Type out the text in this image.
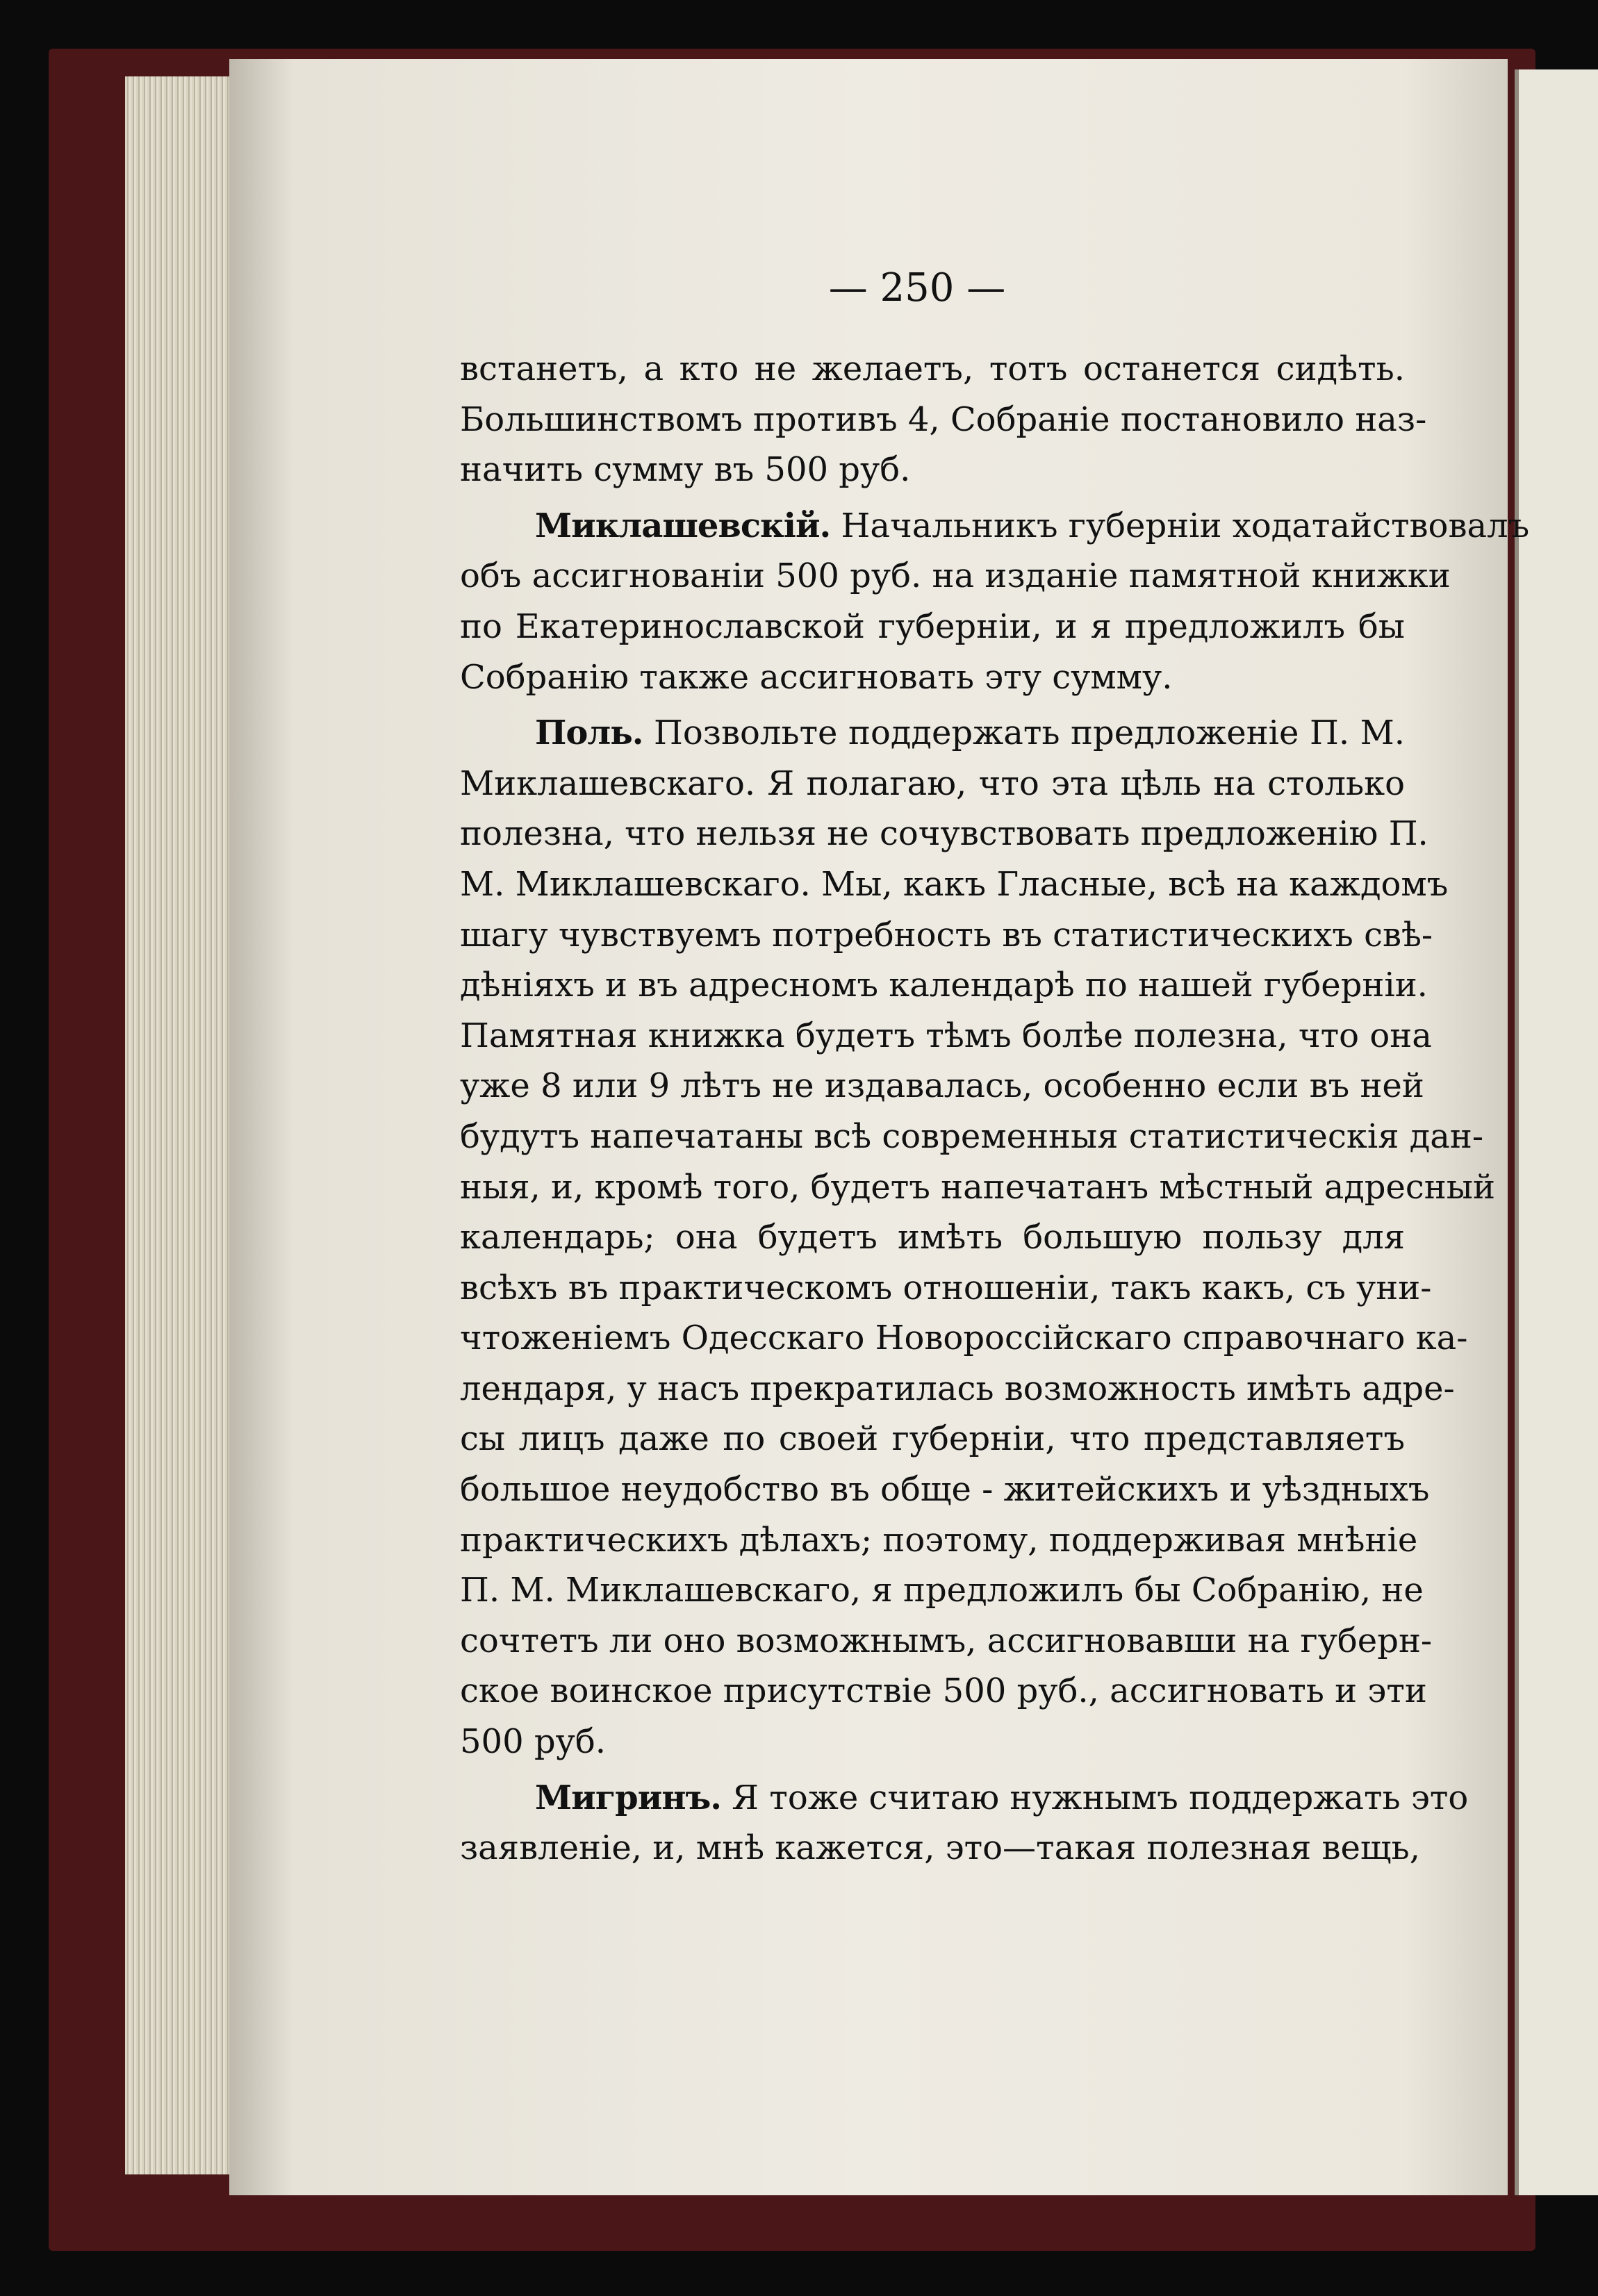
— 250 —
встанетъ, а кто не желаетъ, тотъ останется сидѣть.
Большинствомъ противъ 4, Собраніе постановило наз-
начить сумму въ 500 руб.
Миклашевскій. Начальникъ губерніи ходатайствовалъ
объ ассигнованіи 500 руб. на изданіе памятной книжки
по Екатеринославской губерніи, и я предложилъ бы
Собранію также ассигновать эту сумму.
Поль. Позвольте поддержать предложеніе П. М.
Миклашевскаго. Я полагаю, что эта цѣль на столько
полезна, что нельзя не сочувствовать предложенію П.
М. Миклашевскаго. Мы, какъ Гласные, всѣ на каждомъ
шагу чувствуемъ потребность въ статистическихъ свѣ-
дѣніяхъ и въ адресномъ календарѣ по нашей губерніи.
Памятная книжка будетъ тѣмъ болѣе полезна, что она
уже 8 или 9 лѣтъ не издавалась, особенно если въ ней
будутъ напечатаны всѣ современныя статистическія дан-
ныя, и, кромѣ того, будетъ напечатанъ мѣстный адресный
календарь; она будетъ имѣть большую пользу для
всѣхъ въ практическомъ отношеніи, такъ какъ, съ уни-
чтоженіемъ Одесскаго Новороссійскаго справочнаго ка-
лендаря, у насъ прекратилась возможность имѣть адре-
сы лицъ даже по своей губерніи, что представляетъ
большое неудобство въ обще - житейскихъ и уѣздныхъ
практическихъ дѣлахъ; поэтому, поддерживая мнѣніе
П. М. Миклашевскаго, я предложилъ бы Собранію, не
сочтетъ ли оно возможнымъ, ассигновавши на губерн-
ское воинское присутствіе 500 руб., ассигновать и эти
500 руб.
Мигринъ. Я тоже считаю нужнымъ поддержать это
заявленіе, и, мнѣ кажется, это—такая полезная вещь,
